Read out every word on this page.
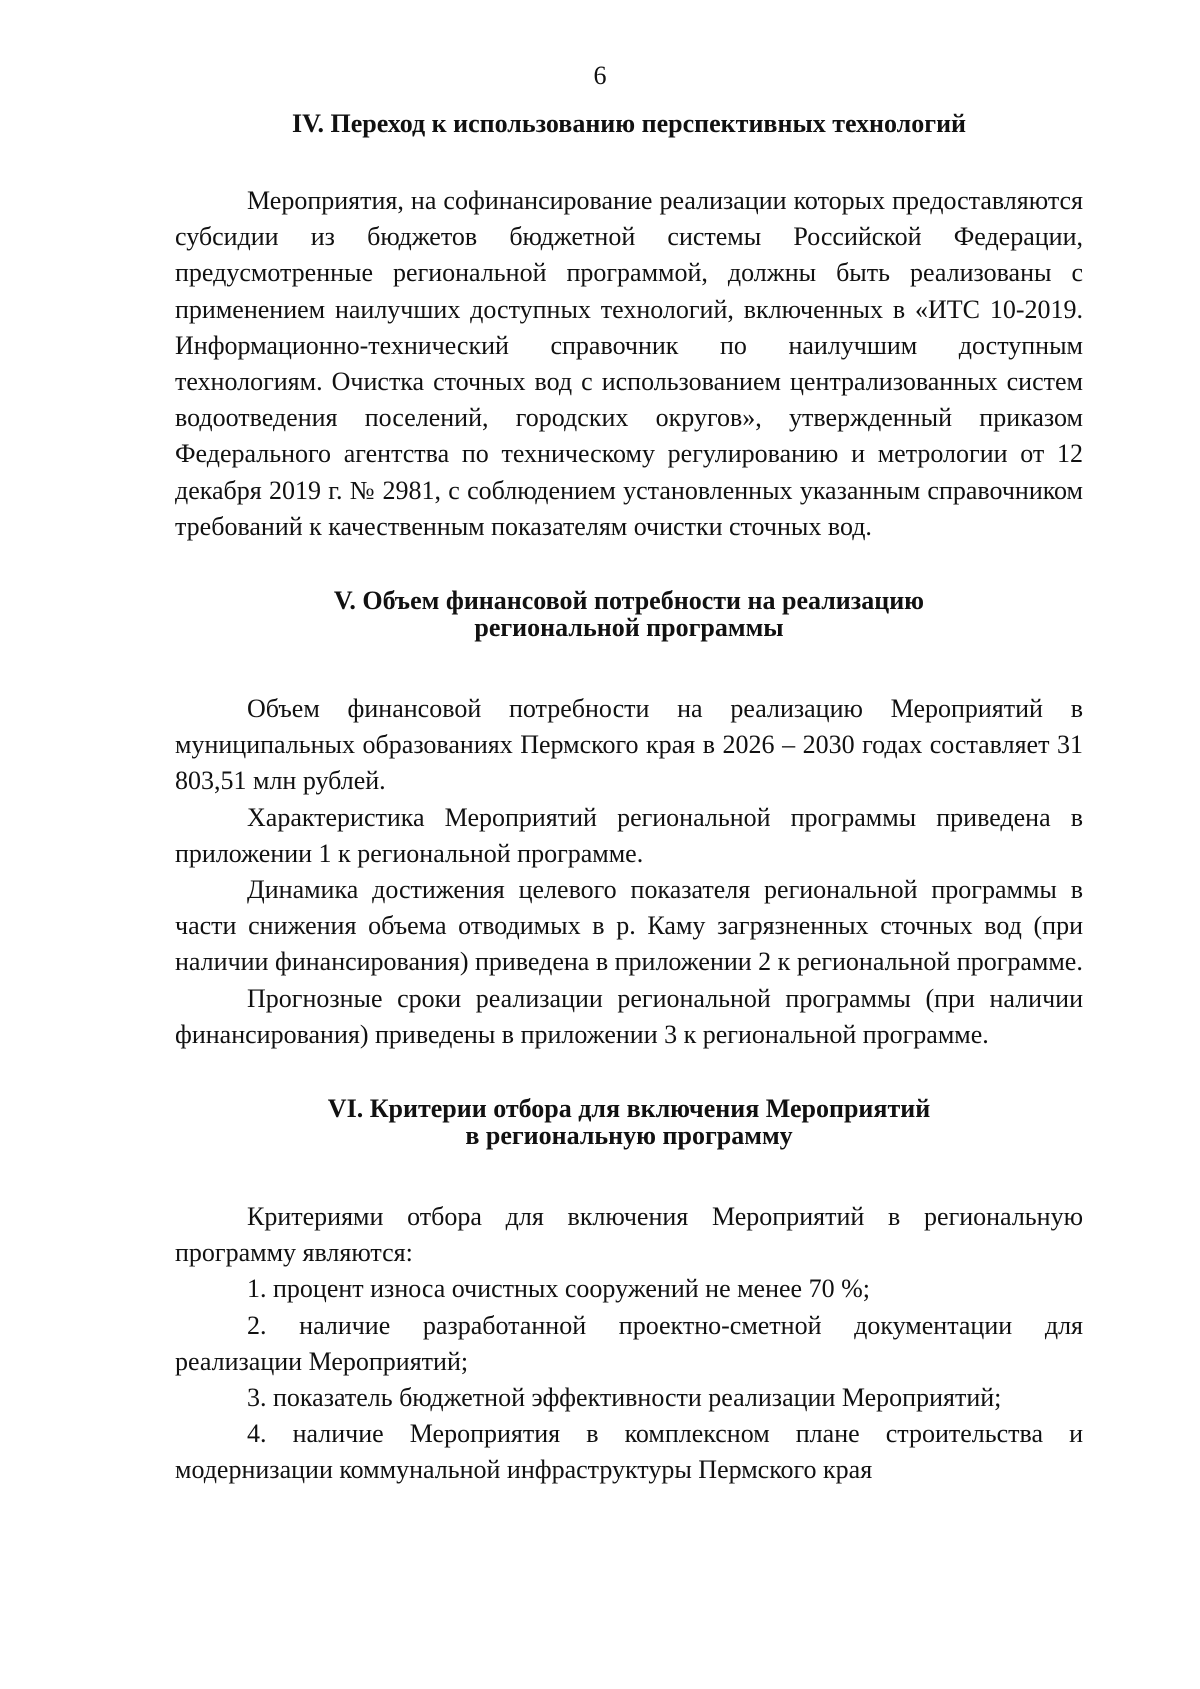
6
IV. Переход к использованию перспективных технологий

Мероприятия, на софинансирование реализации которых предоставляются субсидии из бюджетов бюджетной системы Российской Федерации, предусмотренные региональной программой, должны быть реализованы с применением наилучших доступных технологий, включенных в «ИТС 10-2019. Информационно-технический справочник по наилучшим доступным технологиям. Очистка сточных вод с использованием централизованных систем водоотведения поселений, городских округов», утвержденный приказом Федерального агентства по техническому регулированию и метрологии от 12 декабря 2019 г. № 2981, с соблюдением установленных указанным справочником требований к качественным показателям очистки сточных вод.

V. Объем финансовой потребности на реализацию
региональной программы

Объем финансовой потребности на реализацию Мероприятий в муниципальных образованиях Пермского края в 2026 – 2030 годах составляет 31 803,51 млн рублей.

Характеристика Мероприятий региональной программы приведена в приложении 1 к региональной программе.

Динамика достижения целевого показателя региональной программы в части снижения объема отводимых в р. Каму загрязненных сточных вод (при наличии финансирования) приведена в приложении 2 к региональной программе.

Прогнозные сроки реализации региональной программы (при наличии финансирования) приведены в приложении 3 к региональной программе.

VI. Критерии отбора для включения Мероприятий
в региональную программу

Критериями отбора для включения Мероприятий в региональную программу являются:

1. процент износа очистных сооружений не менее 70 %;

2. наличие разработанной проектно-сметной документации для реализации Мероприятий;

3. показатель бюджетной эффективности реализации Мероприятий;

4. наличие Мероприятия в комплексном плане строительства и модернизации коммунальной инфраструктуры Пермского края
